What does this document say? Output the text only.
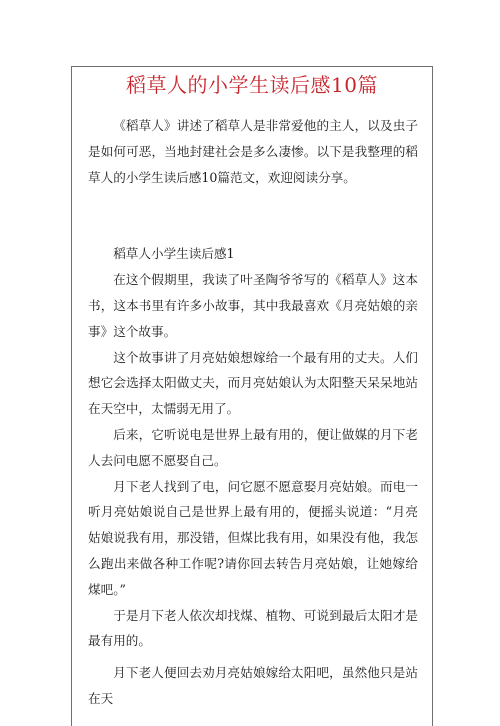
稻草人的小学生读后感10篇

《稻草人》讲述了稻草人是非常爱他的主人，以及虫子是如何可恶，当地封建社会是多么凄惨。以下是我整理的稻草人的小学生读后感10篇范文，欢迎阅读分享。

稻草人小学生读后感1

在这个假期里，我读了叶圣陶爷爷写的《稻草人》这本书，这本书里有许多小故事，其中我最喜欢《月亮姑娘的亲事》这个故事。

这个故事讲了月亮姑娘想嫁给一个最有用的丈夫。人们想它会选择太阳做丈夫，而月亮姑娘认为太阳整天呆呆地站在天空中，太懦弱无用了。

后来，它听说电是世界上最有用的，便让做媒的月下老人去问电愿不愿娶自己。

月下老人找到了电，问它愿不愿意娶月亮姑娘。而电一听月亮姑娘说自己是世界上最有用的，便摇头说道：“月亮姑娘说我有用，那没错，但煤比我有用，如果没有他，我怎么跑出来做各种工作呢?请你回去转告月亮姑娘，让她嫁给煤吧。”

于是月下老人依次却找煤、植物、可说到最后太阳才是最有用的。

月下老人便回去劝月亮姑娘嫁给太阳吧，虽然他只是站在天
